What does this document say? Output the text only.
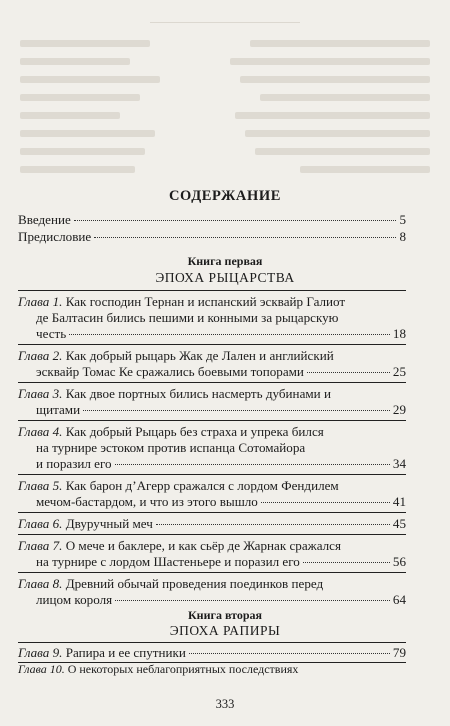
СОДЕРЖАНИЕ
Введение	5
Предисловие	8
Книга первая
ЭПОХА РЫЦАРСТВА
Глава 1. Как господин Тернан и испанский эсквайр Галиот
де Балтасин бились пешими и конными за рыцарскую
честь	18
Глава 2. Как добрый рыцарь Жак де Лален и английский
эсквайр Томас Ке сражались боевыми топорами	25
Глава 3. Как двое портных бились насмерть дубинами и
щитами	29
Глава 4. Как добрый Рыцарь без страха и упрека бился
на турнире эстоком против испанца Сотомайора
и поразил его	34
Глава 5. Как барон д’Агерр сражался с лордом Фендилем
мечом-бастардом, и что из этого вышло	41
Глава 6. Двуручный меч	45
Глава 7. О мече и баклере, и как сьёр де Жарнак сражался
на турнире с лордом Шастеньере и поразил его	56
Глава 8. Древний обычай проведения поединков перед
лицом короля	64
Книга вторая
ЭПОХА РАПИРЫ
Глава 9. Рапира и ее спутники	79
Глава 10. О некоторых неблагоприятных последствиях
333
